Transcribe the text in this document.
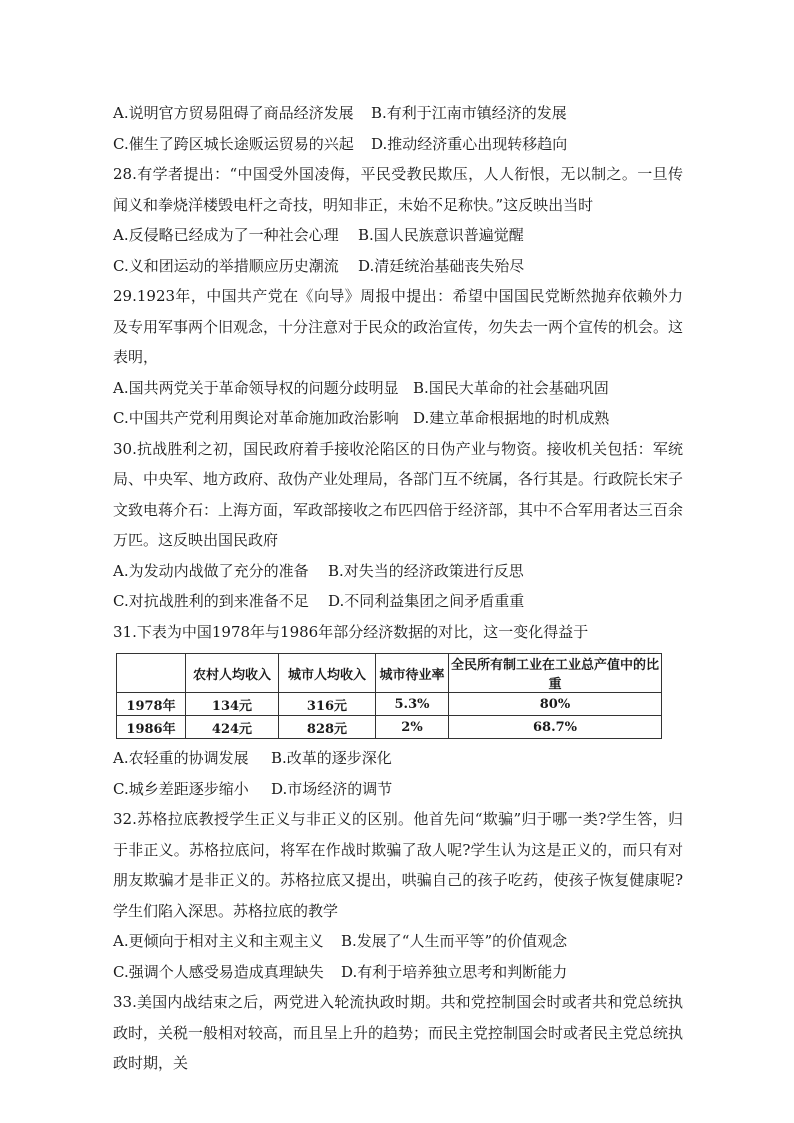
A.说明官方贸易阻碍了商品经济发展	B.有利于江南市镇经济的发展
C.催生了跨区城长途贩运贸易的兴起	D.推动经济重心出现转移趋向
28.有学者提出：“中国受外国凌侮，平民受教民欺压，人人衔恨，无以制之。一旦传闻义和拳烧洋楼毁电杆之奇技，明知非正，未始不足称快。”这反映出当时
A.反侵略已经成为了一种社会心理	B.国人民族意识普遍觉醒
C.义和团运动的举措顺应历史潮流	D.清廷统治基础丧失殆尽
29.1923年，中国共产党在《向导》周报中提出：希望中国国民党断然抛弃依赖外力及专用军事两个旧观念，十分注意对于民众的政治宣传，勿失去一两个宣传的机会。这表明，
A.国共两党关于革命领导权的问题分歧明显 B.国民大革命的社会基础巩固
C.中国共产党利用舆论对革命施加政治影响 D.建立革命根据地的时机成熟
30.抗战胜利之初，国民政府着手接收沦陷区的日伪产业与物资。接收机关包括：军统局、中央军、地方政府、敌伪产业处理局，各部门互不统属，各行其是。行政院长宋子文致电蒋介石：上海方面，军政部接收之布匹四倍于经济部，其中不合军用者达三百余万匹。这反映出国民政府
A.为发动内战做了充分的准备	B.对失当的经济政策进行反思
C.对抗战胜利的到来准备不足	D.不同利益集团之间矛盾重重
31.下表为中国1978年与1986年部分经济数据的对比，这一变化得益于
	农村人均收入	城市人均收入	城市待业率	全民所有制工业在工业总产值中的比重
1978年	134元	316元	5.3%	80%
1986年	424元	828元	2%	68.7%
A.农轻重的协调发展	B.改革的逐步深化
C.城乡差距逐步缩小	D.市场经济的调节
32.苏格拉底教授学生正义与非正义的区别。他首先问“欺骗”归于哪一类?学生答，归于非正义。苏格拉底问，将军在作战时欺骗了敌人呢?学生认为这是正义的，而只有对朋友欺骗才是非正义的。苏格拉底又提出，哄骗自己的孩子吃药，使孩子恢复健康呢?学生们陷入深思。苏格拉底的教学
A.更倾向于相对主义和主观主义	B.发展了“人生而平等”的价值观念
C.强调个人感受易造成真理缺失	D.有利于培养独立思考和判断能力
33.美国内战结束之后，两党进入轮流执政时期。共和党控制国会时或者共和党总统执政时，关税一般相对较高，而且呈上升的趋势；而民主党控制国会时或者民主党总统执政时期，关
